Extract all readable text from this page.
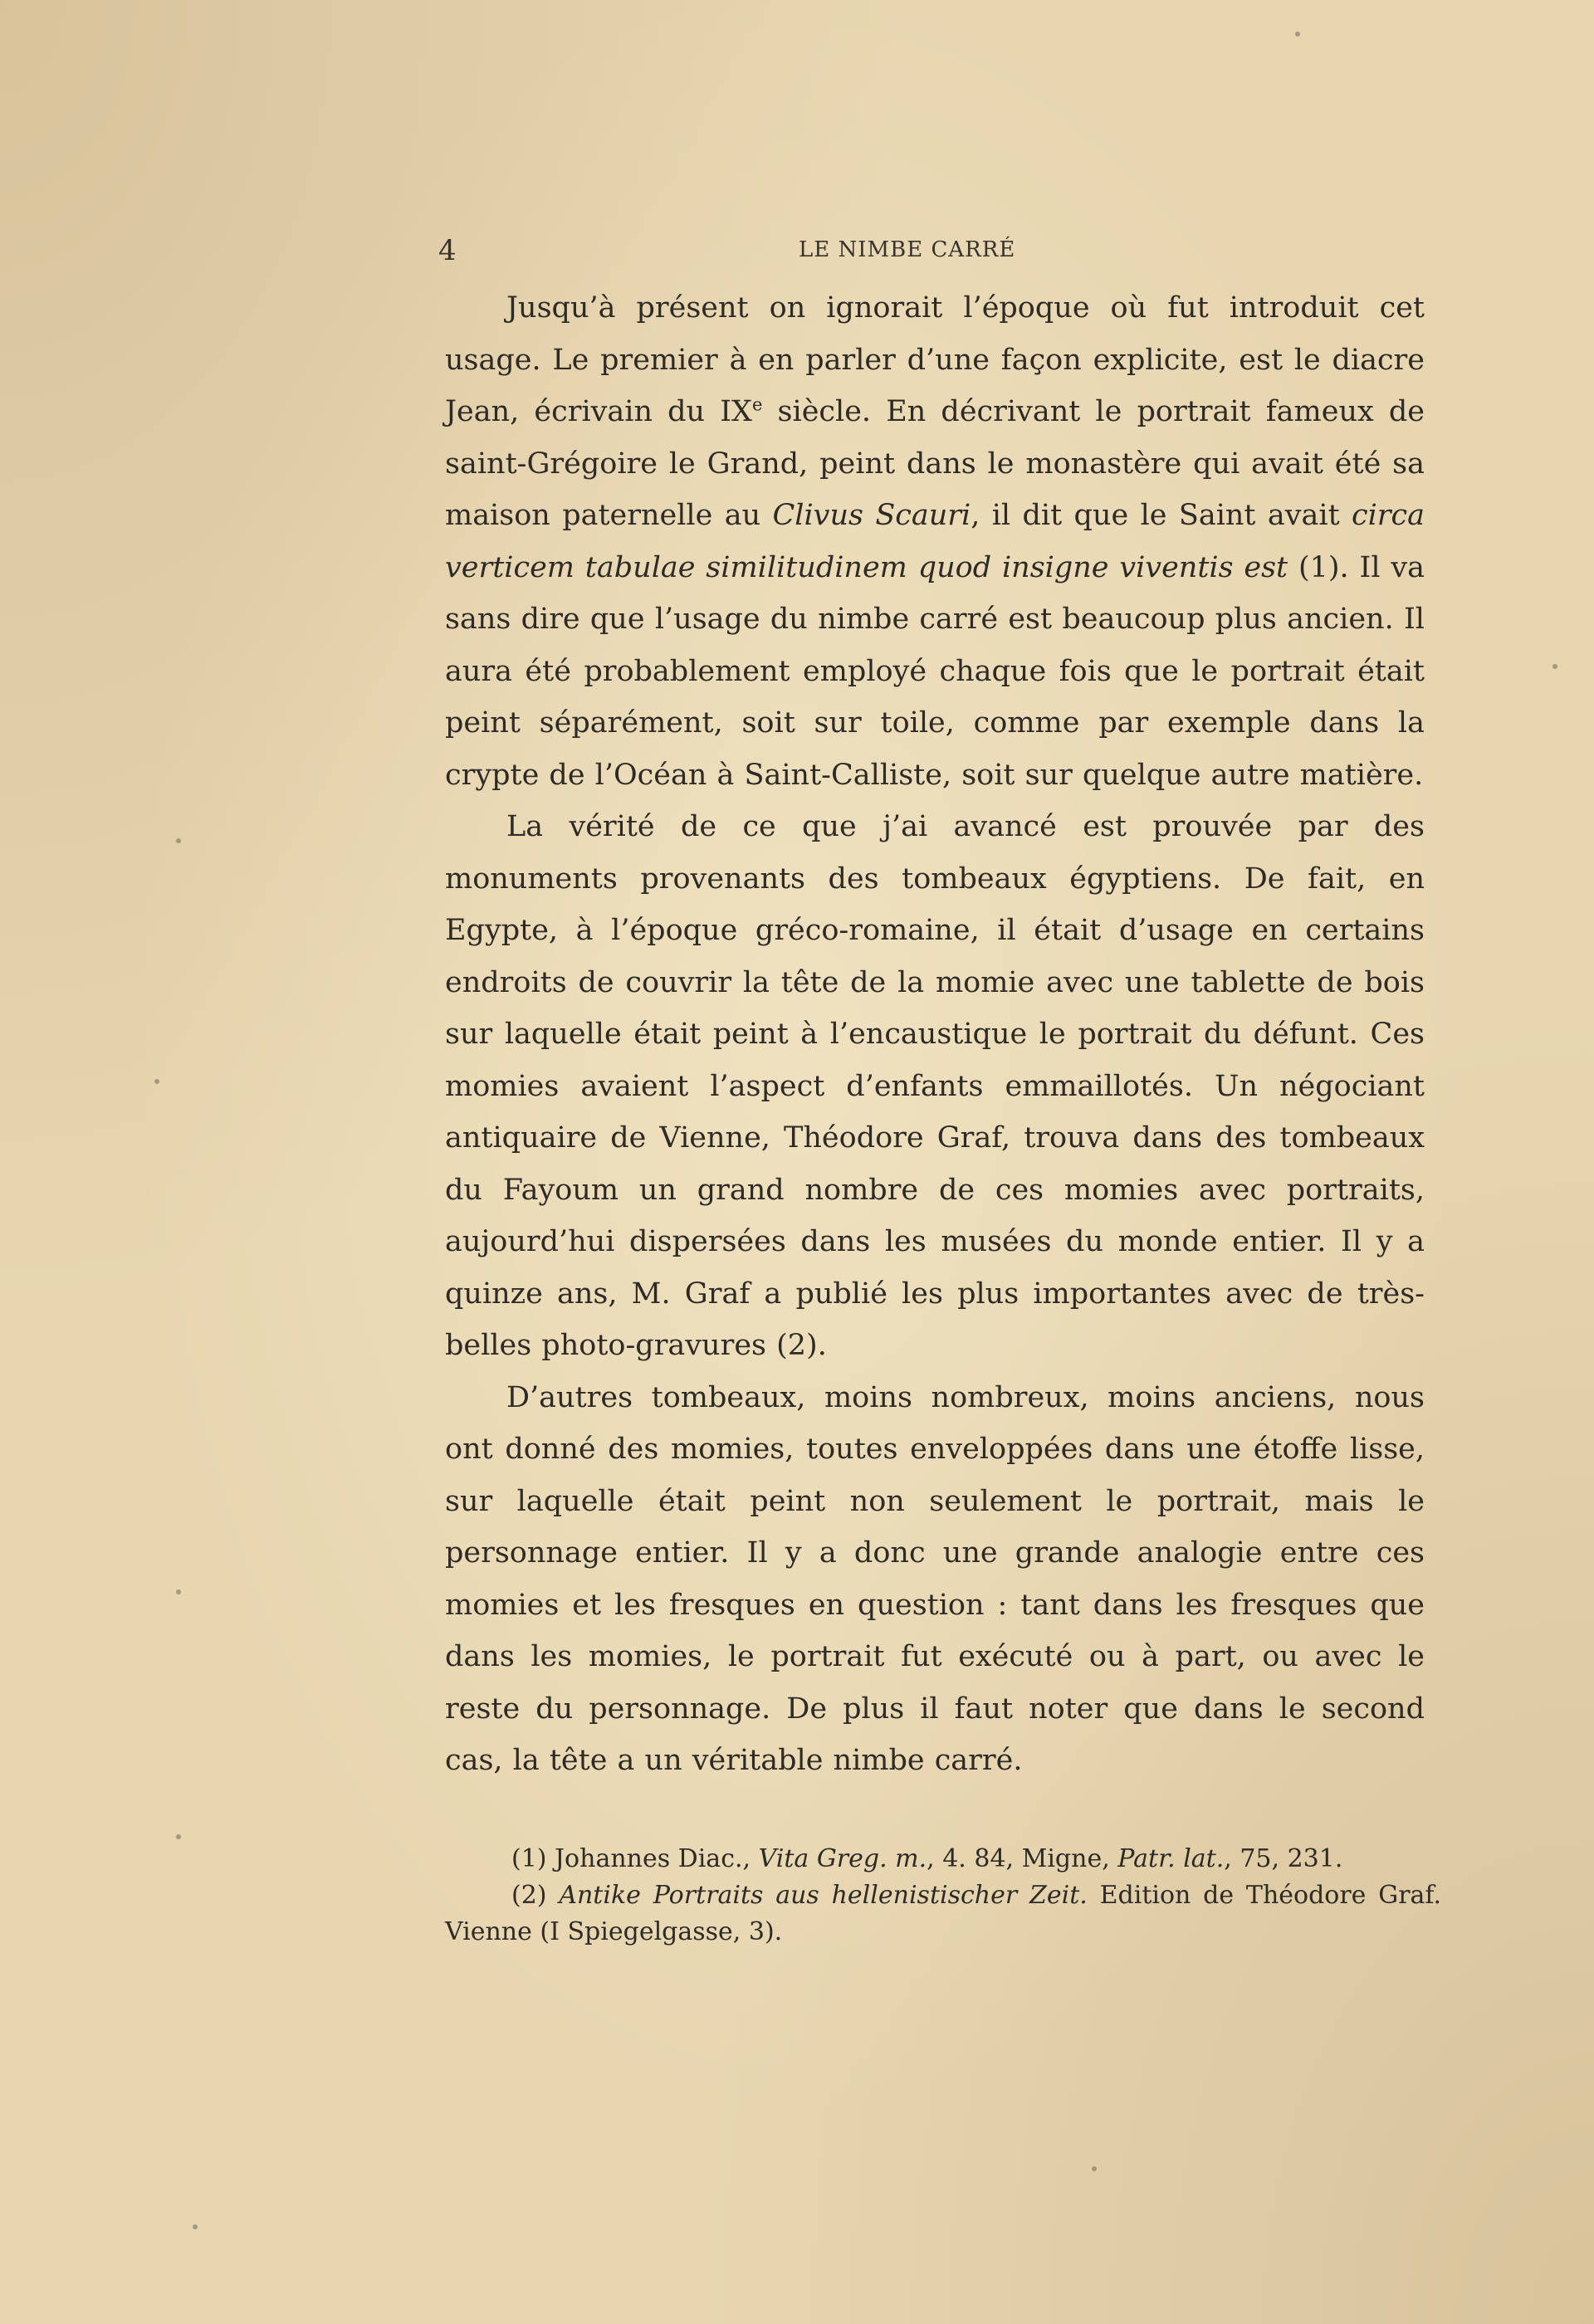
4	LE NIMBE CARRÉ

Jusqu’à présent on ignorait l’époque où fut introduit cet usage. Le premier à en parler d’une façon explicite, est le diacre Jean, écrivain du IXe siècle. En décrivant le portrait fameux de saint-Grégoire le Grand, peint dans le monastère qui avait été sa maison paternelle au Clivus Scauri, il dit que le Saint avait circa verticem tabulae similitudinem quod insigne viventis est (1). Il va sans dire que l’usage du nimbe carré est beaucoup plus ancien. Il aura été probablement employé chaque fois que le portrait était peint séparément, soit sur toile, comme par exemple dans la crypte de l’Océan à Saint-Calliste, soit sur quelque autre matière.

La vérité de ce que j’ai avancé est prouvée par des monuments provenants des tombeaux égyptiens. De fait, en Egypte, à l’époque gréco-romaine, il était d’usage en certains endroits de couvrir la tête de la momie avec une tablette de bois sur laquelle était peint à l’encaustique le portrait du défunt. Ces momies avaient l’aspect d’enfants emmaillotés. Un négociant antiquaire de Vienne, Théodore Graf, trouva dans des tombeaux du Fayoum un grand nombre de ces momies avec portraits, aujourd’hui dispersées dans les musées du monde entier. Il y a quinze ans, M. Graf a publié les plus importantes avec de très-belles photo-gravures (2).

D’autres tombeaux, moins nombreux, moins anciens, nous ont donné des momies, toutes enveloppées dans une étoffe lisse, sur laquelle était peint non seulement le portrait, mais le personnage entier. Il y a donc une grande analogie entre ces momies et les fresques en question : tant dans les fresques que dans les momies, le portrait fut exécuté ou à part, ou avec le reste du personnage. De plus il faut noter que dans le second cas, la tête a un véritable nimbe carré.

(1) Johannes Diac., Vita Greg. m., 4. 84, Migne, Patr. lat., 75, 231.

(2) Antike Portraits aus hellenistischer Zeit. Edition de Théodore Graf. Vienne (I Spiegelgasse, 3).
